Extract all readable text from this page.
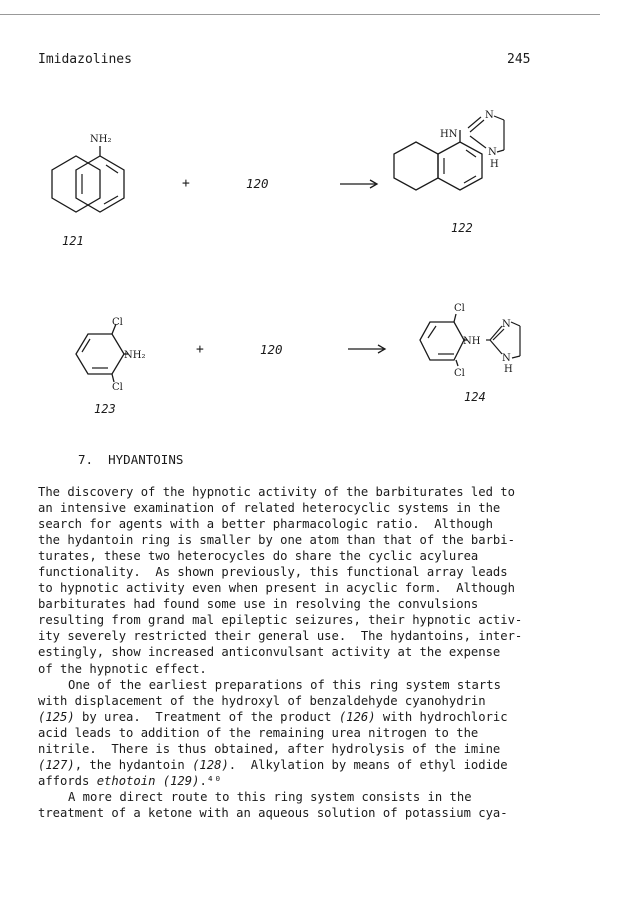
Imidazolines	245
NH₂
121
+	120
HN
N
N
H
122
Cl
NH₂
Cl
123
+	120
Cl
NH
N
N
H
Cl
124
7. HYDANTOINS
The discovery of the hypnotic activity of the barbiturates led to
an intensive examination of related heterocyclic systems in the
search for agents with a better pharmacologic ratio.  Although
the hydantoin ring is smaller by one atom than that of the barbi-
turates, these two heterocycles do share the cyclic acylurea
functionality.  As shown previously, this functional array leads
to hypnotic activity even when present in acyclic form.  Although
barbiturates had found some use in resolving the convulsions
resulting from grand mal epileptic seizures, their hypnotic activ-
ity severely restricted their general use.  The hydantoins, inter-
estingly, show increased anticonvulsant activity at the expense
of the hypnotic effect.
One of the earliest preparations of this ring system starts
with displacement of the hydroxyl of benzaldehyde cyanohydrin
(125) by urea.  Treatment of the product (126) with hydrochloric
acid leads to addition of the remaining urea nitrogen to the
nitrile.  There is thus obtained, after hydrolysis of the imine
(127), the hydantoin (128).  Alkylation by means of ethyl iodide
affords ethotoin (129).⁴⁰
A more direct route to this ring system consists in the
treatment of a ketone with an aqueous solution of potassium cya-
